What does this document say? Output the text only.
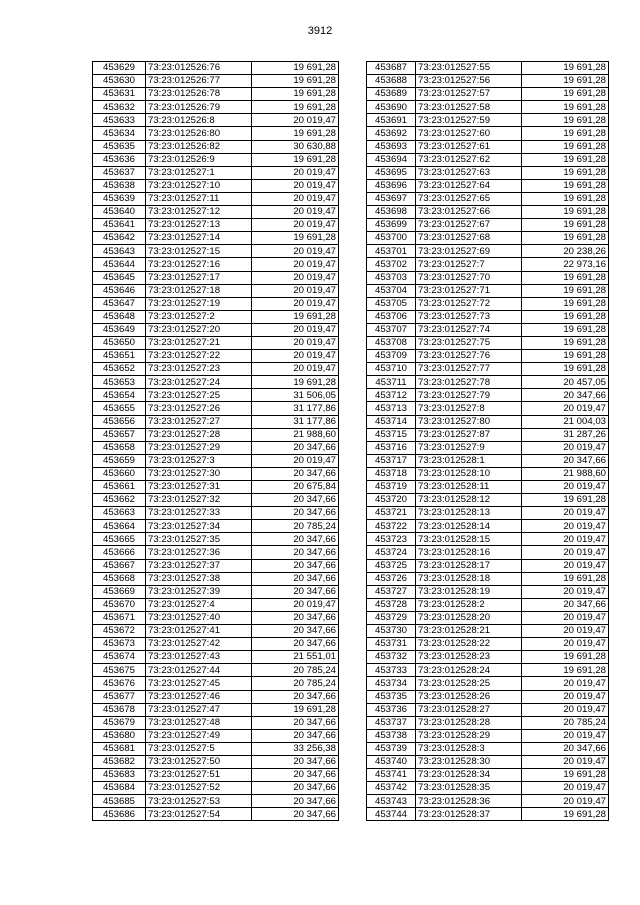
3912
453629	73:23:012526:76	19 691,28
453630	73:23:012526:77	19 691,28
453631	73:23:012526:78	19 691,28
453632	73:23:012526:79	19 691,28
453633	73:23:012526:8	20 019,47
453634	73:23:012526:80	19 691,28
453635	73:23:012526:82	30 630,88
453636	73:23:012526:9	19 691,28
453637	73:23:012527:1	20 019,47
453638	73:23:012527:10	20 019,47
453639	73:23:012527:11	20 019,47
453640	73:23:012527:12	20 019,47
453641	73:23:012527:13	20 019,47
453642	73:23:012527:14	19 691,28
453643	73:23:012527:15	20 019,47
453644	73:23:012527:16	20 019,47
453645	73:23:012527:17	20 019,47
453646	73:23:012527:18	20 019,47
453647	73:23:012527:19	20 019,47
453648	73:23:012527:2	19 691,28
453649	73:23:012527:20	20 019,47
453650	73:23:012527:21	20 019,47
453651	73:23:012527:22	20 019,47
453652	73:23:012527:23	20 019,47
453653	73:23:012527:24	19 691,28
453654	73:23:012527:25	31 506,05
453655	73:23:012527:26	31 177,86
453656	73:23:012527:27	31 177,86
453657	73:23:012527:28	21 988,60
453658	73:23:012527:29	20 347,66
453659	73:23:012527:3	20 019,47
453660	73:23:012527:30	20 347,66
453661	73:23:012527:31	20 675,84
453662	73:23:012527:32	20 347,66
453663	73:23:012527:33	20 347,66
453664	73:23:012527:34	20 785,24
453665	73:23:012527:35	20 347,66
453666	73:23:012527:36	20 347,66
453667	73:23:012527:37	20 347,66
453668	73:23:012527:38	20 347,66
453669	73:23:012527:39	20 347,66
453670	73:23:012527:4	20 019,47
453671	73:23:012527:40	20 347,66
453672	73:23:012527:41	20 347,66
453673	73:23:012527:42	20 347,66
453674	73:23:012527:43	21 551,01
453675	73:23:012527:44	20 785,24
453676	73:23:012527:45	20 785,24
453677	73:23:012527:46	20 347,66
453678	73:23:012527:47	19 691,28
453679	73:23:012527:48	20 347,66
453680	73:23:012527:49	20 347,66
453681	73:23:012527:5	33 256,38
453682	73:23:012527:50	20 347,66
453683	73:23:012527:51	20 347,66
453684	73:23:012527:52	20 347,66
453685	73:23:012527:53	20 347,66
453686	73:23:012527:54	20 347,66
453687	73:23:012527:55	19 691,28
453688	73:23:012527:56	19 691,28
453689	73:23:012527:57	19 691,28
453690	73:23:012527:58	19 691,28
453691	73:23:012527:59	19 691,28
453692	73:23:012527:60	19 691,28
453693	73:23:012527:61	19 691,28
453694	73:23:012527:62	19 691,28
453695	73:23:012527:63	19 691,28
453696	73:23:012527:64	19 691,28
453697	73:23:012527:65	19 691,28
453698	73:23:012527:66	19 691,28
453699	73:23:012527:67	19 691,28
453700	73:23:012527:68	19 691,28
453701	73:23:012527:69	20 238,26
453702	73:23:012527:7	22 973,16
453703	73:23:012527:70	19 691,28
453704	73:23:012527:71	19 691,28
453705	73:23:012527:72	19 691,28
453706	73:23:012527:73	19 691,28
453707	73:23:012527:74	19 691,28
453708	73:23:012527:75	19 691,28
453709	73:23:012527:76	19 691,28
453710	73:23:012527:77	19 691,28
453711	73:23:012527:78	20 457,05
453712	73:23:012527:79	20 347,66
453713	73:23:012527:8	20 019,47
453714	73:23:012527:80	21 004,03
453715	73:23:012527:87	31 287,26
453716	73:23:012527:9	20 019,47
453717	73:23:012528:1	20 347,66
453718	73:23:012528:10	21 988,60
453719	73:23:012528:11	20 019,47
453720	73:23:012528:12	19 691,28
453721	73:23:012528:13	20 019,47
453722	73:23:012528:14	20 019,47
453723	73:23:012528:15	20 019,47
453724	73:23:012528:16	20 019,47
453725	73:23:012528:17	20 019,47
453726	73:23:012528:18	19 691,28
453727	73:23:012528:19	20 019,47
453728	73:23:012528:2	20 347,66
453729	73:23:012528:20	20 019,47
453730	73:23:012528:21	20 019,47
453731	73:23:012528:22	20 019,47
453732	73:23:012528:23	19 691,28
453733	73:23:012528:24	19 691,28
453734	73:23:012528:25	20 019,47
453735	73:23:012528:26	20 019,47
453736	73:23:012528:27	20 019,47
453737	73:23:012528:28	20 785,24
453738	73:23:012528:29	20 019,47
453739	73:23:012528:3	20 347,66
453740	73:23:012528:30	20 019,47
453741	73:23:012528:34	19 691,28
453742	73:23:012528:35	20 019,47
453743	73:23:012528:36	20 019,47
453744	73:23:012528:37	19 691,28
